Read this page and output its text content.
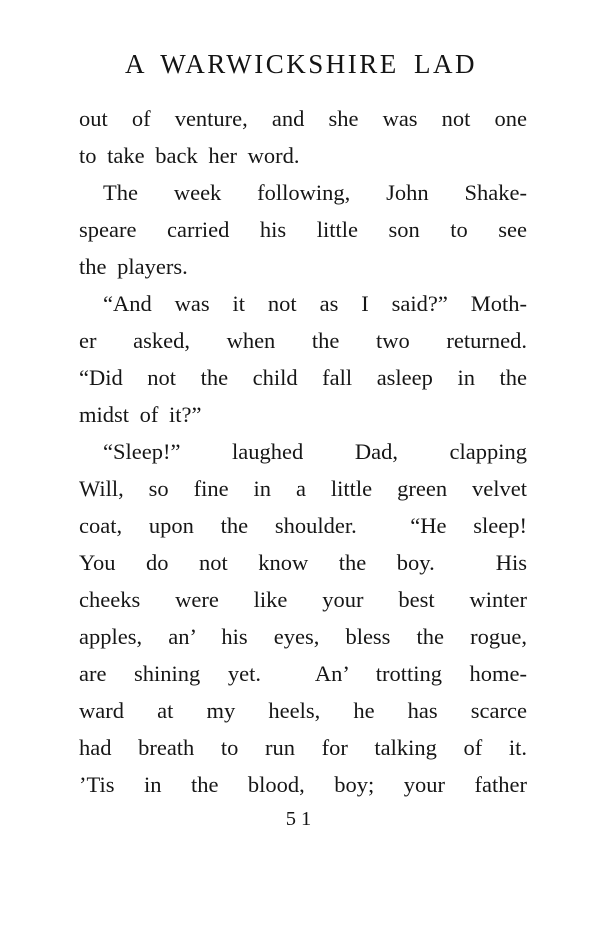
A WARWICKSHIRE LAD
out of venture, and she was not one
to take back her word.
The week following, John Shake-
speare carried his little son to see
the players.
“And was it not as I said?” Moth-
er asked, when the two returned.
“Did not the child fall asleep in the
midst of it?”
“Sleep!” laughed Dad, clapping
Will, so fine in a little green velvet
coat, upon the shoulder.  “He sleep!
You do not know the boy.  His
cheeks were like your best winter
apples, an’ his eyes, bless the rogue,
are shining yet.  An’ trotting home-
ward at my heels, he has scarce
had breath to run for talking of it.
’Tis in the blood, boy; your father
51
